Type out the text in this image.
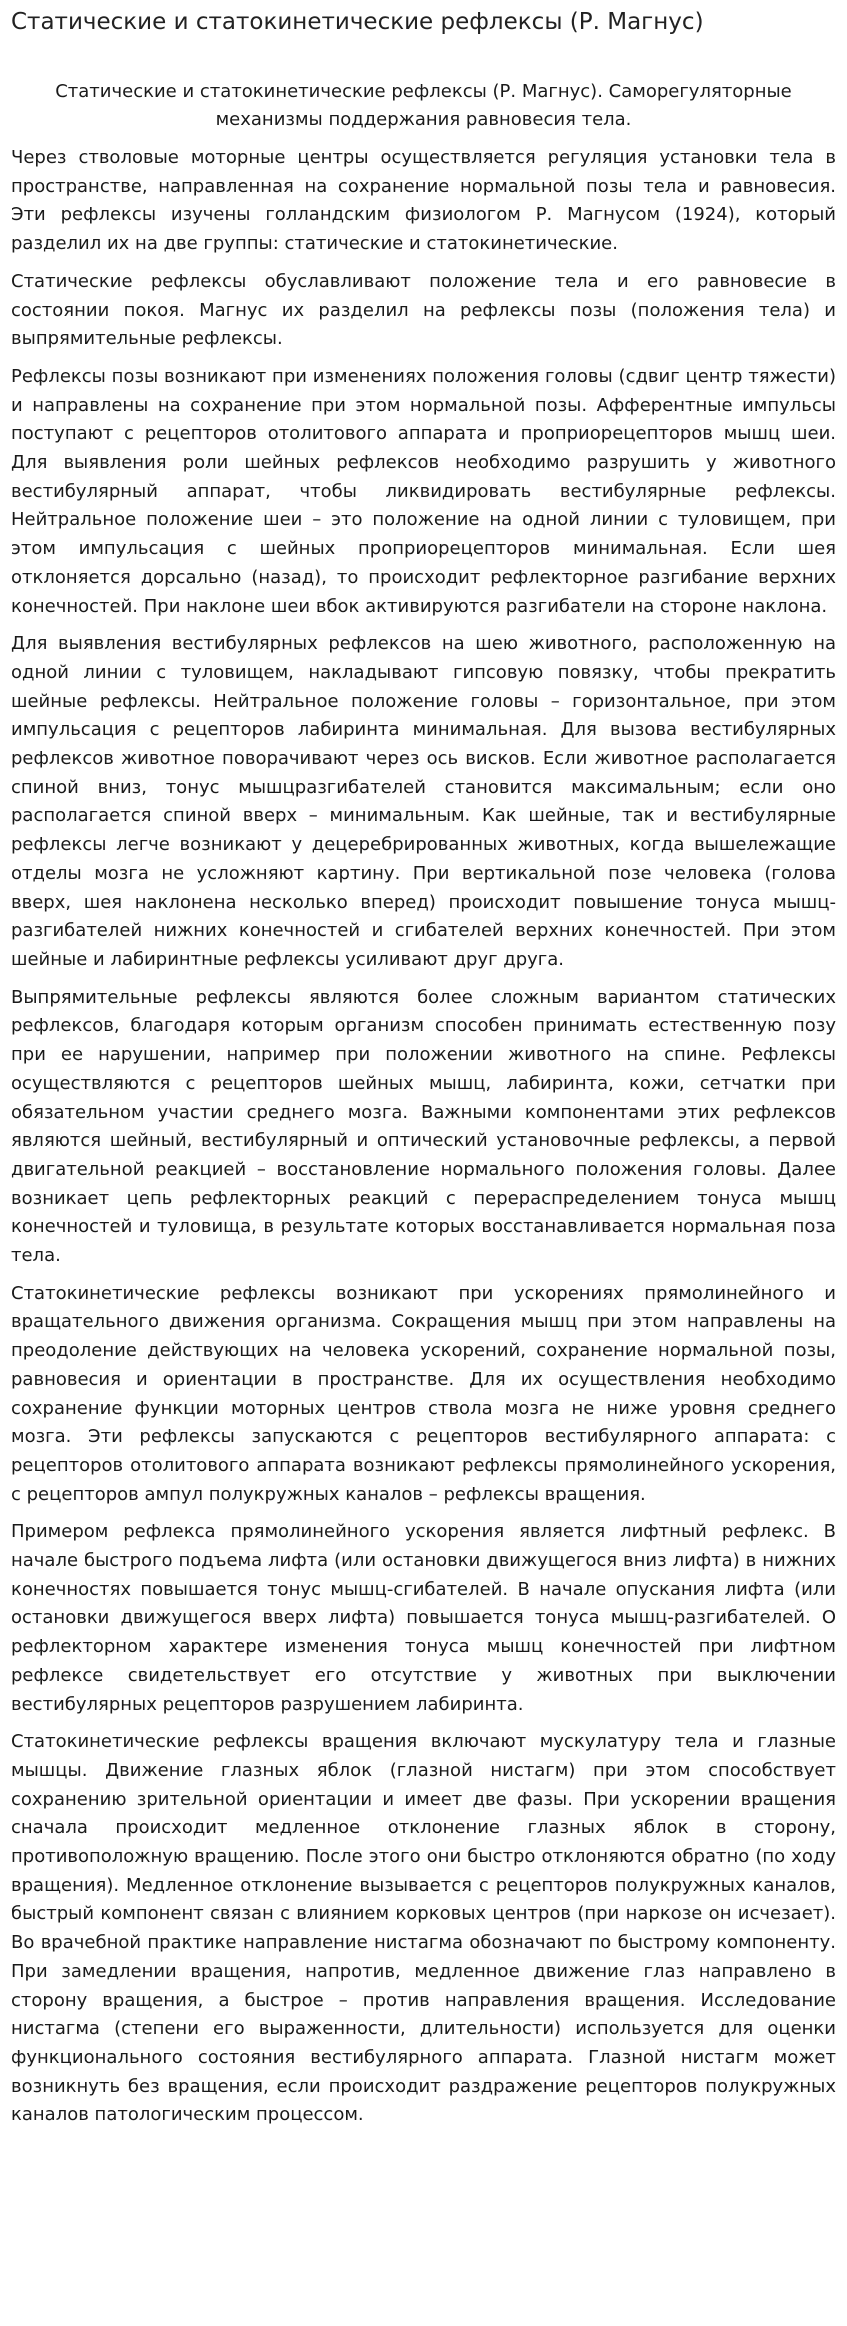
Статические и статокинетические рефлексы (Р. Магнус)

Статические и статокинетические рефлексы (Р. Магнус). Саморегуляторные механизмы поддержания равновесия тела.

Через стволовые моторные центры осуществляется регуляция установки тела в пространстве, направленная на сохранение нормальной позы тела и равновесия. Эти рефлексы изучены голландским физиологом Р. Магнусом (1924), который разделил их на две группы: статические и статокинетические.

Статические рефлексы обуславливают положение тела и его равновесие в состоянии покоя. Магнус их разделил на рефлексы позы (положения тела) и выпрямительные рефлексы.

Рефлексы позы возникают при изменениях положения головы (сдвиг центр тяжести) и направлены на сохранение при этом нормальной позы. Афферентные импульсы поступают с рецепторов отолитового аппарата и проприорецепторов мышц шеи. Для выявления роли шейных рефлексов необходимо разрушить у животного вестибулярный аппарат, чтобы ликвидировать вестибулярные рефлексы. Нейтральное положение шеи – это положение на одной линии с туловищем, при этом импульсация с шейных проприорецепторов минимальная. Если шея отклоняется дорсально (назад), то происходит рефлекторное разгибание верхних конечностей. При наклоне шеи вбок активируются разгибатели на стороне наклона.

Для выявления вестибулярных рефлексов на шею животного, расположенную на одной линии с туловищем, накладывают гипсовую повязку, чтобы прекратить шейные рефлексы. Нейтральное положение головы – горизонтальное, при этом импульсация с рецепторов лабиринта минимальная. Для вызова вестибулярных рефлексов животное поворачивают через ось висков. Если животное располагается спиной вниз, тонус мышцразгибателей становится максимальным; если оно располагается спиной вверх – минимальным. Как шейные, так и вестибулярные рефлексы легче возникают у децеребрированных животных, когда вышележащие отделы мозга не усложняют картину. При вертикальной позе человека (голова вверх, шея наклонена несколько вперед) происходит повышение тонуса мышц-разгибателей нижних конечностей и сгибателей верхних конечностей. При этом шейные и лабиринтные рефлексы усиливают друг друга.

Выпрямительные рефлексы являются более сложным вариантом статических рефлексов, благодаря которым организм способен принимать естественную позу при ее нарушении, например при положении животного на спине. Рефлексы осуществляются с рецепторов шейных мышц, лабиринта, кожи, сетчатки при обязательном участии среднего мозга. Важными компонентами этих рефлексов являются шейный, вестибулярный и оптический установочные рефлексы, а первой двигательной реакцией – восстановление нормального положения головы. Далее возникает цепь рефлекторных реакций с перераспределением тонуса мышц конечностей и туловища, в результате которых восстанавливается нормальная поза тела.

Статокинетические рефлексы возникают при ускорениях прямолинейного и вращательного движения организма. Сокращения мышц при этом направлены на преодоление действующих на человека ускорений, сохранение нормальной позы, равновесия и ориентации в пространстве. Для их осуществления необходимо сохранение функции моторных центров ствола мозга не ниже уровня среднего мозга. Эти рефлексы запускаются с рецепторов вестибулярного аппарата: с рецепторов отолитового аппарата возникают рефлексы прямолинейного ускорения, с рецепторов ампул полукружных каналов – рефлексы вращения.

Примером рефлекса прямолинейного ускорения является лифтный рефлекс. В начале быстрого подъема лифта (или остановки движущегося вниз лифта) в нижних конечностях повышается тонус мышц-сгибателей. В начале опускания лифта (или остановки движущегося вверх лифта) повышается тонуса мышц-разгибателей. О рефлекторном характере изменения тонуса мышц конечностей при лифтном рефлексе свидетельствует его отсутствие у животных при выключении вестибулярных рецепторов разрушением лабиринта.

Статокинетические рефлексы вращения включают мускулатуру тела и глазные мышцы. Движение глазных яблок (глазной нистагм) при этом способствует сохранению зрительной ориентации и имеет две фазы. При ускорении вращения сначала происходит медленное отклонение глазных яблок в сторону, противоположную вращению. После этого они быстро отклоняются обратно (по ходу вращения). Медленное отклонение вызывается с рецепторов полукружных каналов, быстрый компонент связан с влиянием корковых центров (при наркозе он исчезает). Во врачебной практике направление нистагма обозначают по быстрому компоненту. При замедлении вращения, напротив, медленное движение глаз направлено в сторону вращения, а быстрое – против направления вращения. Исследование нистагма (степени его выраженности, длительности) используется для оценки функционального состояния вестибулярного аппарата. Глазной нистагм может возникнуть без вращения, если происходит раздражение рецепторов полукружных каналов патологическим процессом.
